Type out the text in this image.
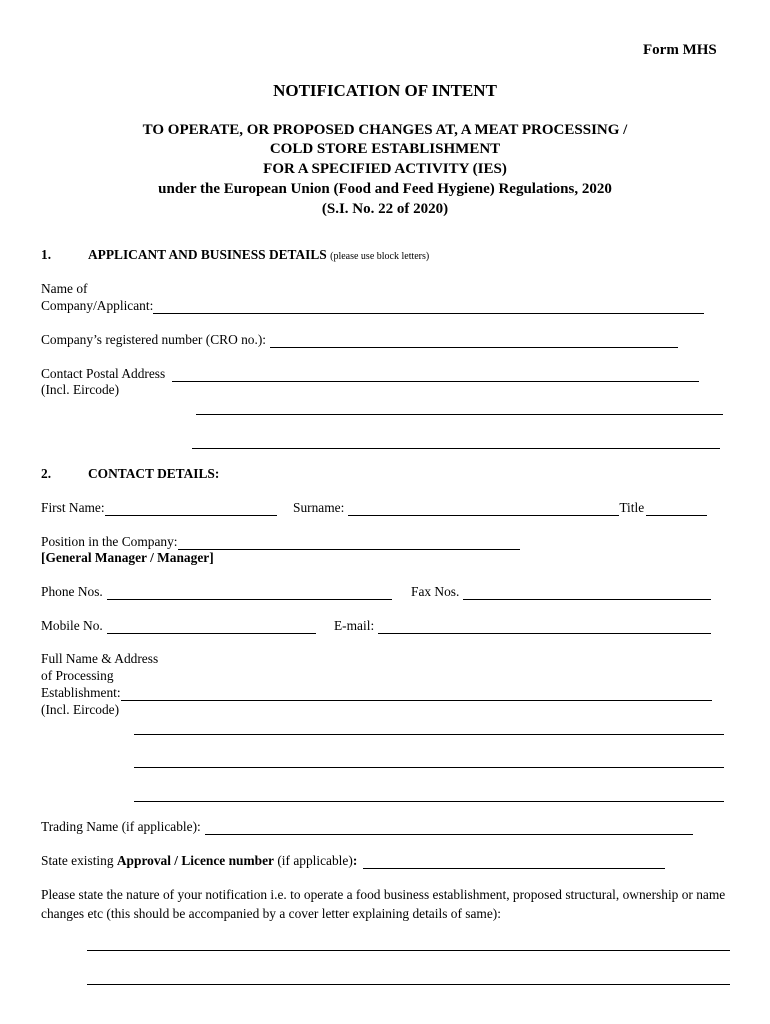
Form MHS
NOTIFICATION OF INTENT
TO OPERATE, OR PROPOSED CHANGES AT, A MEAT PROCESSING /
COLD STORE ESTABLISHMENT
FOR A SPECIFIED ACTIVITY (IES)
under the European Union (Food and Feed Hygiene) Regulations, 2020
(S.I. No. 22 of 2020)
1.	APPLICANT AND BUSINESS DETAILS (please use block letters)
Name of
Company/Applicant:
Company’s registered number (CRO no.):
Contact Postal Address
(Incl. Eircode)
2.	CONTACT DETAILS:
First Name:	Surname:	Title
Position in the Company:
[General Manager / Manager]
Phone Nos.	Fax Nos.
Mobile No.	E-mail:
Full Name & Address
of Processing
Establishment:
(Incl. Eircode)
Trading Name (if applicable):
State existing Approval / Licence number (if applicable):
Please state the nature of your notification i.e. to operate a food business establishment, proposed structural, ownership or name changes etc (this should be accompanied by a cover letter explaining details of same):
